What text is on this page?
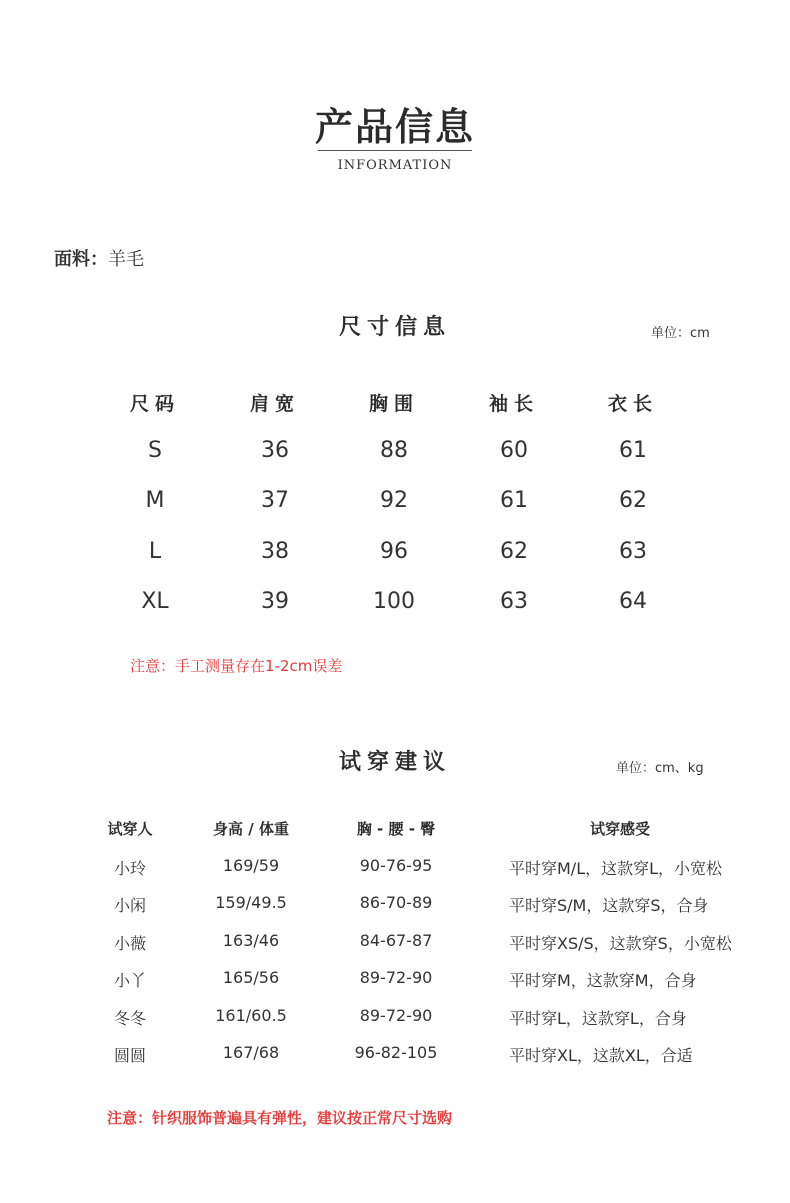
产品信息
INFORMATION
面料：羊毛
尺寸信息	单位：cm
尺码	肩宽	胸围	袖长	衣长
S	36	88	60	61
M	37	92	61	62
L	38	96	62	63
XL	39	100	63	64
注意：手工测量存在1-2cm误差
试穿建议	单位：cm、kg
试穿人	身高 / 体重	胸 - 腰 - 臀	试穿感受
小玲	169/59	90-76-95	平时穿M/L，这款穿L，小宽松
小闲	159/49.5	86-70-89	平时穿S/M，这款穿S，合身
小薇	163/46	84-67-87	平时穿XS/S，这款穿S，小宽松
小丫	165/56	89-72-90	平时穿M，这款穿M，合身
冬冬	161/60.5	89-72-90	平时穿L，这款穿L，合身
圆圆	167/68	96-82-105	平时穿XL，这款XL，合适
注意：针织服饰普遍具有弹性，建议按正常尺寸选购
